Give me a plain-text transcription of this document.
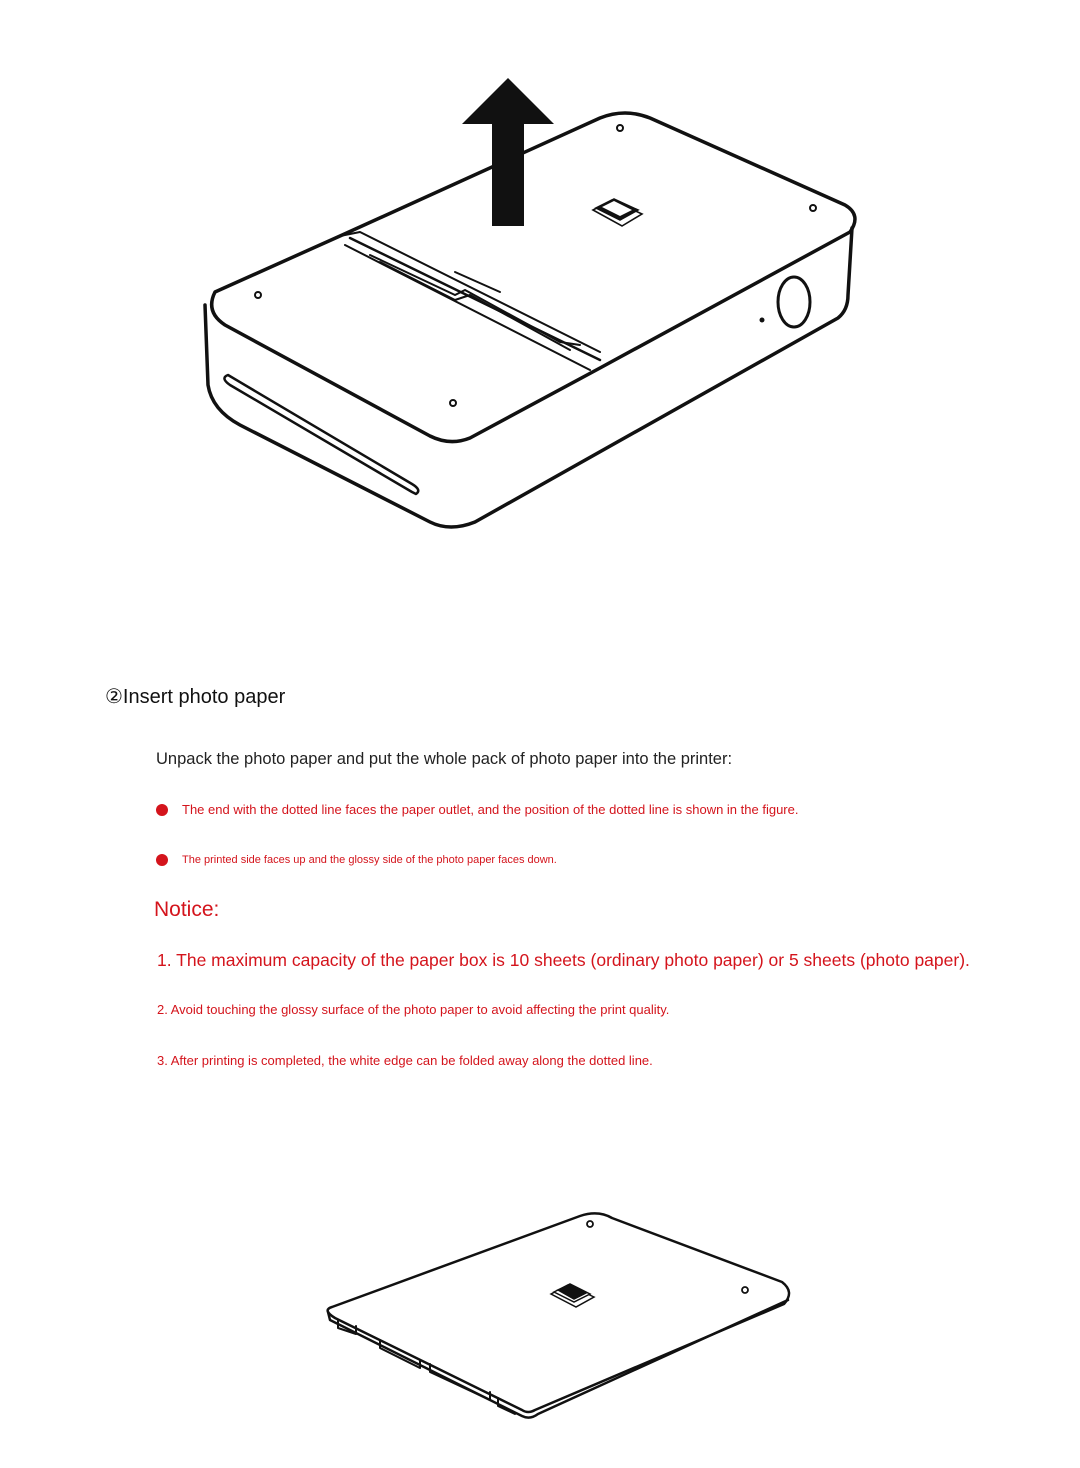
②Insert photo paper
Unpack the photo paper and put the whole pack of photo paper into the printer:
The end with the dotted line faces the paper outlet, and the position of the dotted line is shown in the figure.
The printed side faces up and the glossy side of the photo paper faces down.
Notice:
1. The maximum capacity of the paper box is 10 sheets (ordinary photo paper) or 5 sheets (photo paper).
2. Avoid touching the glossy surface of the photo paper to avoid affecting the print quality.
3. After printing is completed, the white edge can be folded away along the dotted line.
